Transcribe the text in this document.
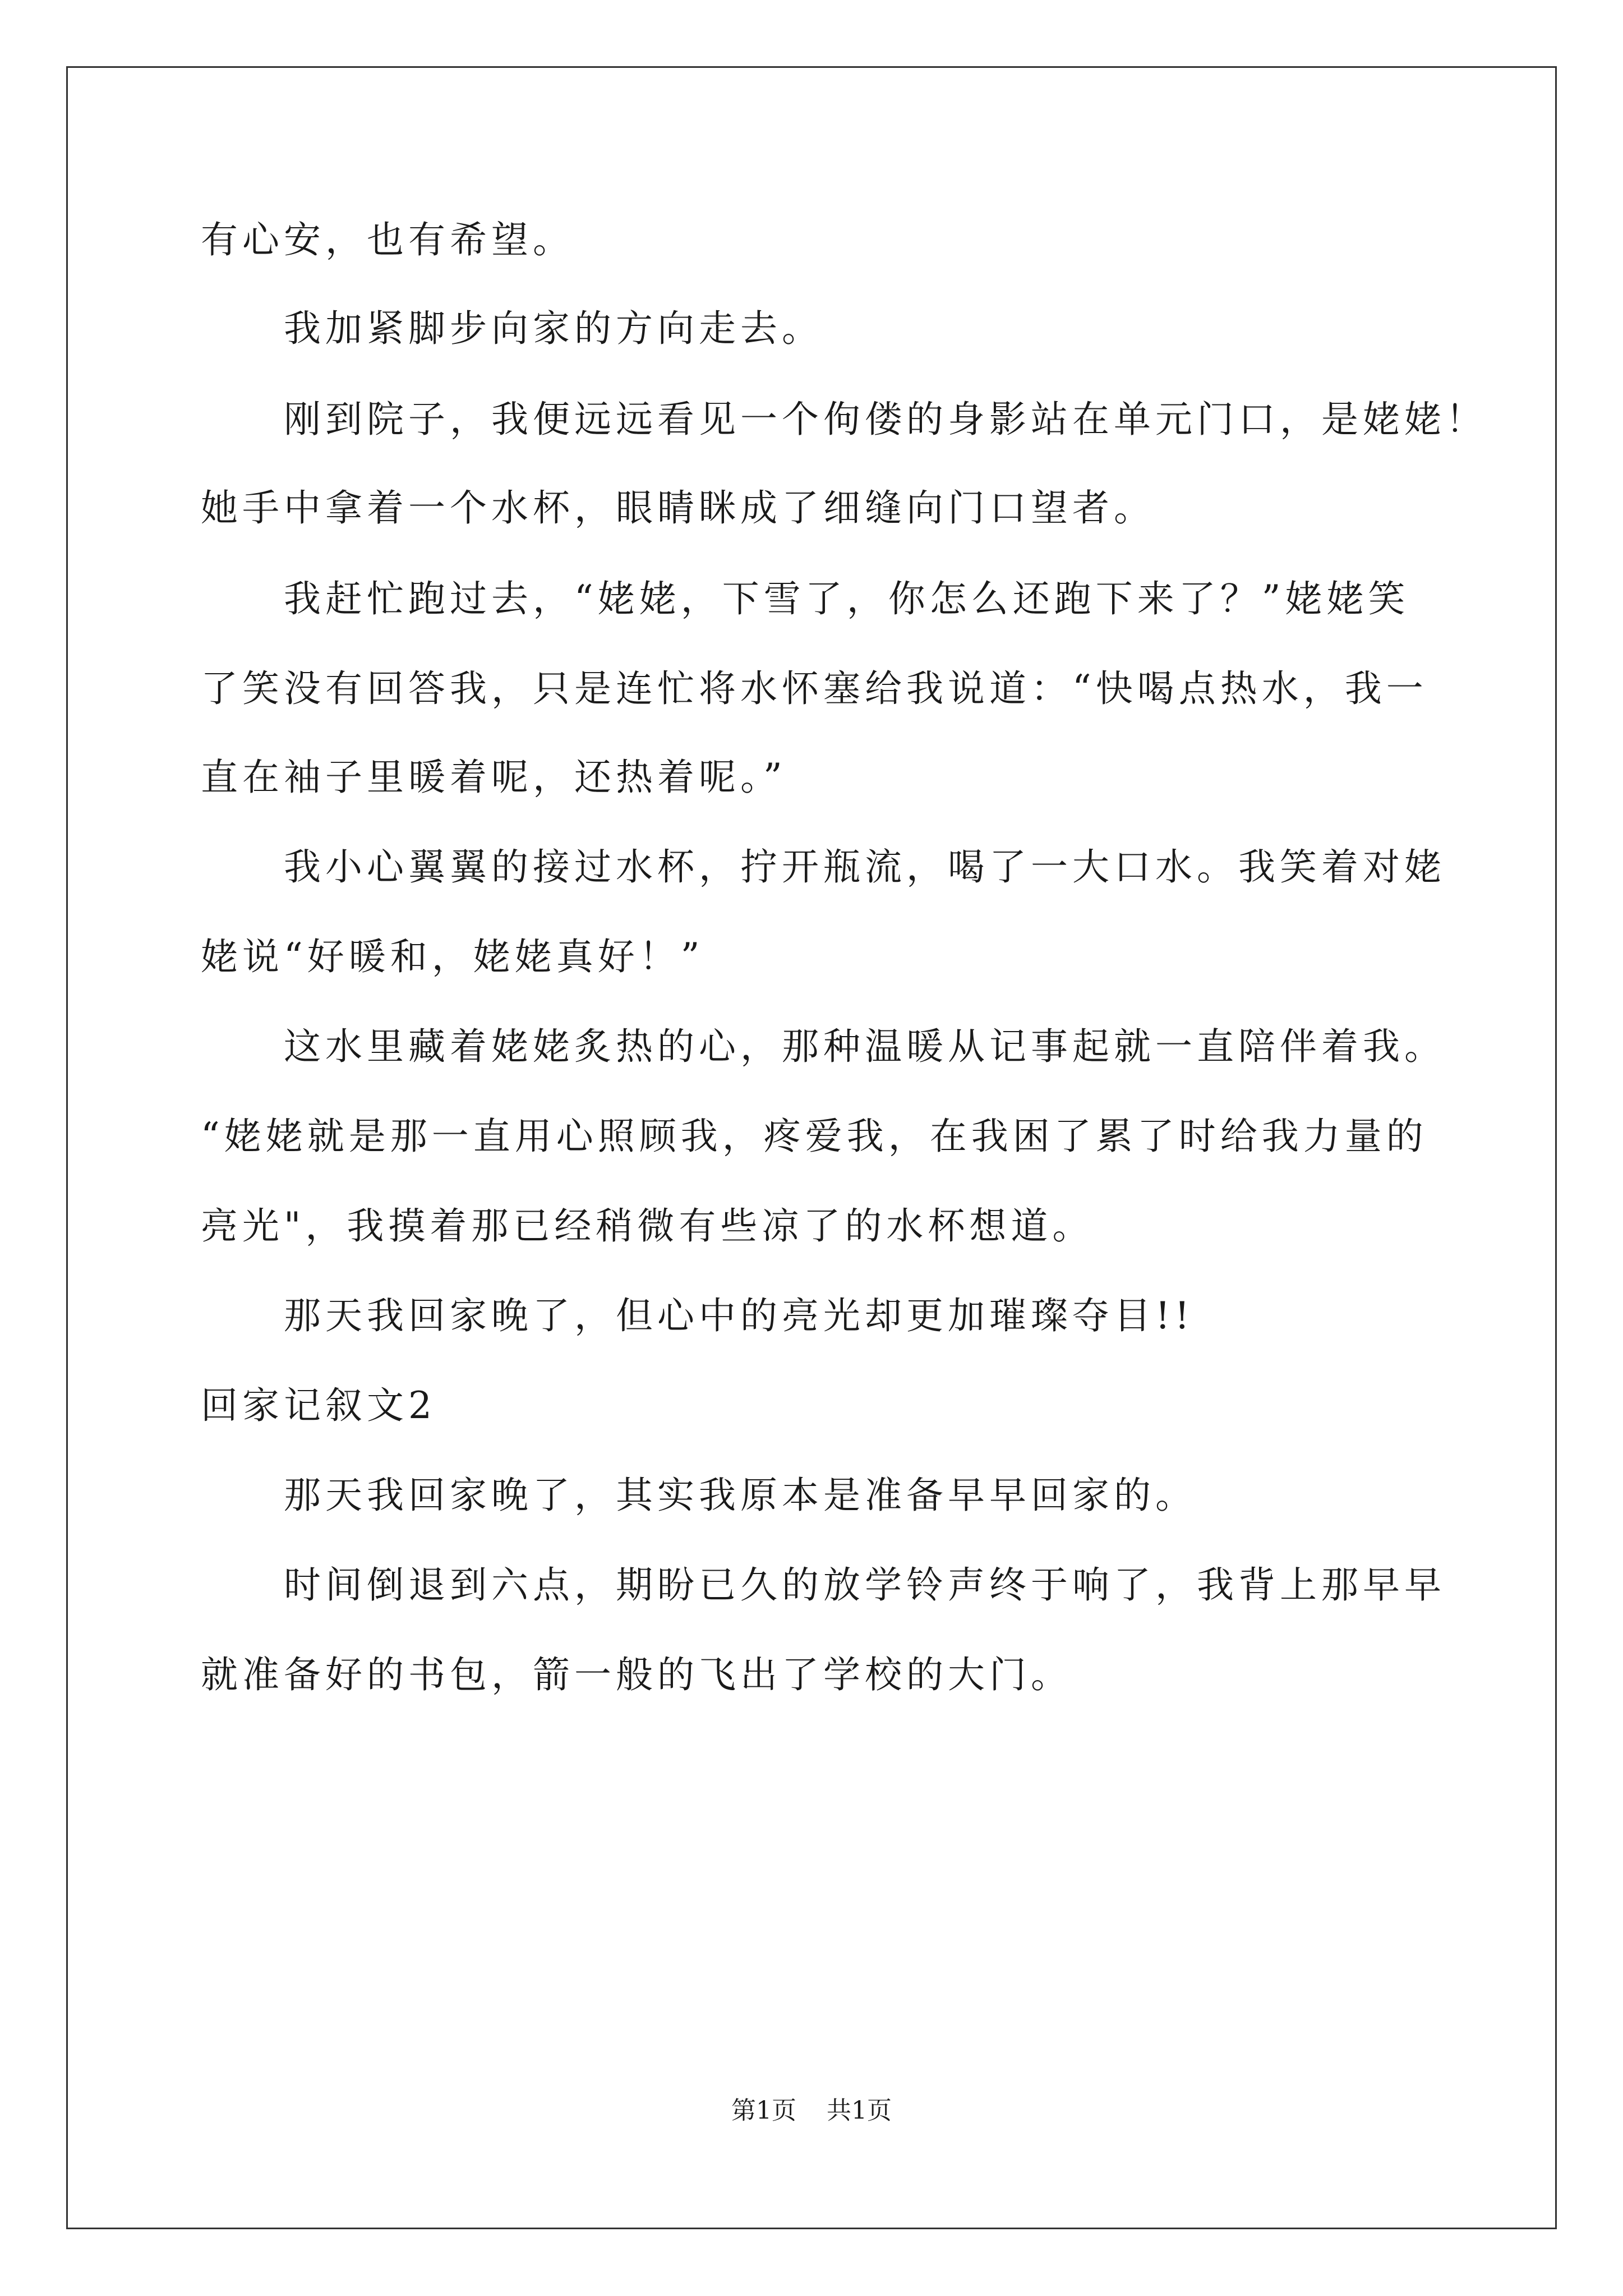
有心安，也有希望。
我加紧脚步向家的方向走去。
刚到院子，我便远远看见一个佝偻的身影站在单元门口，是姥姥！
她手中拿着一个水杯，眼睛眯成了细缝向门口望者。
我赶忙跑过去，“姥姥，下雪了，你怎么还跑下来了？”姥姥笑
了笑没有回答我，只是连忙将水怀塞给我说道：“快喝点热水，我一
直在袖子里暖着呢，还热着呢。”
我小心翼翼的接过水杯，拧开瓶流，喝了一大口水。我笑着对姥
姥说“好暖和，姥姥真好！”
这水里藏着姥姥炙热的心，那种温暖从记事起就一直陪伴着我。
“姥姥就是那一直用心照顾我，疼爱我，在我困了累了时给我力量的
亮光"，我摸着那已经稍微有些凉了的水杯想道。
那天我回家晚了，但心中的亮光却更加璀璨夺目!!
回家记叙文2
那天我回家晚了，其实我原本是准备早早回家的。
时间倒退到六点，期盼已久的放学铃声终于响了，我背上那早早
就准备好的书包，箭一般的飞出了学校的大门。
第1页 共1页
